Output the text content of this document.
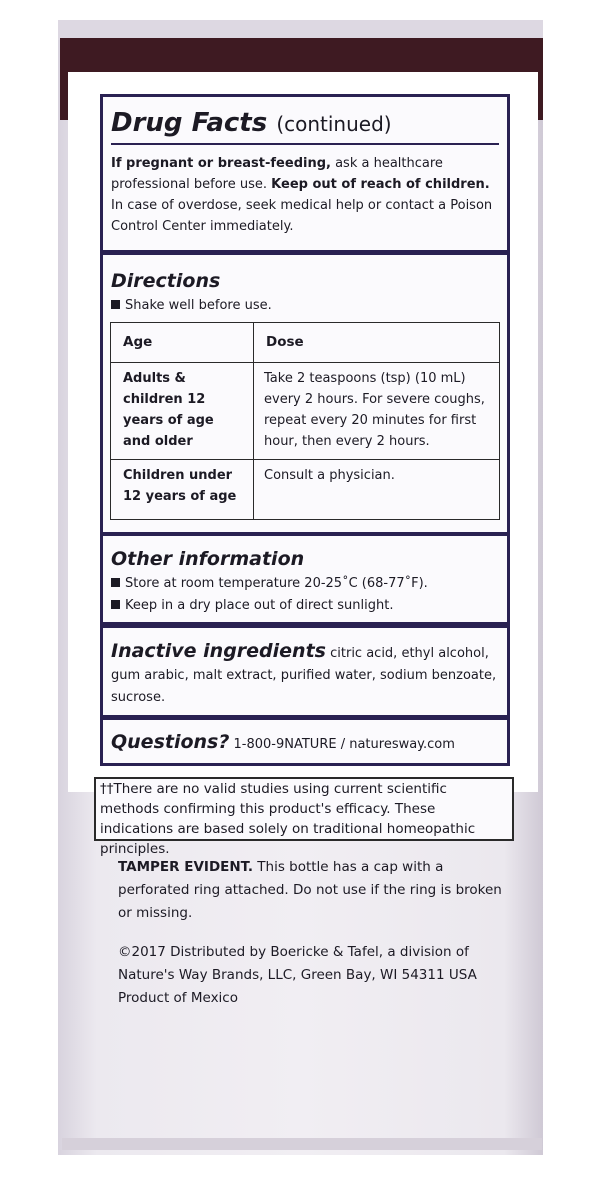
Drug Facts (continued)
If pregnant or breast-feeding, ask a healthcare professional before use. Keep out of reach of children. In case of overdose, seek medical help or contact a Poison Control Center immediately.
Directions
Shake well before use.
Age	Dose
Adults & children 12 years of age and older	Take 2 teaspoons (tsp) (10 mL) every 2 hours. For severe coughs, repeat every 20 minutes for first hour, then every 2 hours.
Children under 12 years of age	Consult a physician.
Other information
Store at room temperature 20-25˚C (68-77˚F).
Keep in a dry place out of direct sunlight.
Inactive ingredients citric acid, ethyl alcohol, gum arabic, malt extract, purified water, sodium benzoate, sucrose.
Questions? 1-800-9NATURE / naturesway.com
††There are no valid studies using current scientific methods confirming this product's efficacy. These indications are based solely on traditional homeopathic principles.
TAMPER EVIDENT. This bottle has a cap with a perforated ring attached. Do not use if the ring is broken or missing.
©2017 Distributed by Boericke & Tafel, a division of
Nature's Way Brands, LLC, Green Bay, WI 54311 USA
Product of Mexico
